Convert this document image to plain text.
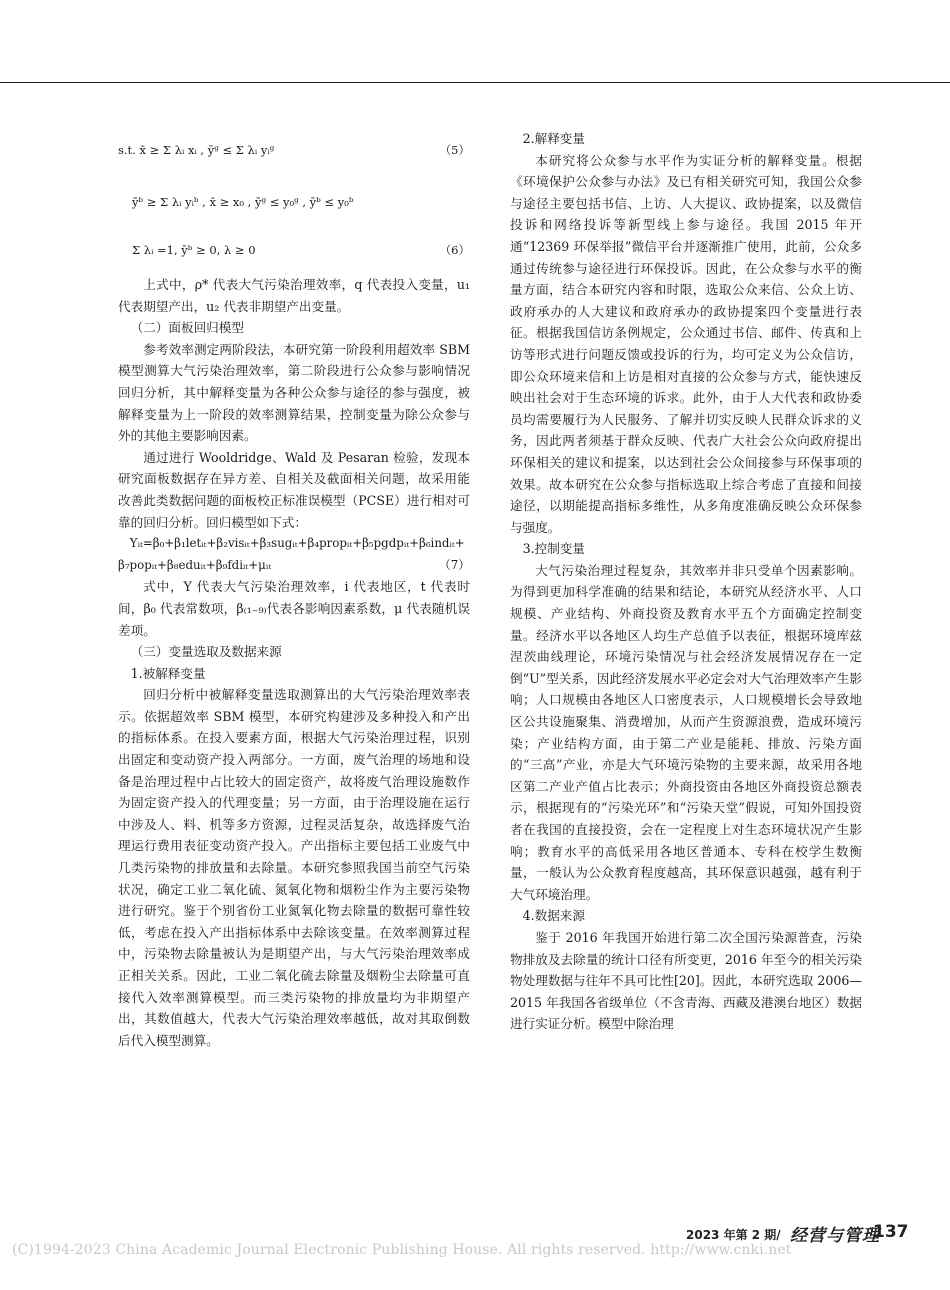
s.t. x̄ ≥ Σ λᵢ xᵢ , ȳᵍ ≤ Σ λᵢ yᵢᵍ	（5）
ȳᵇ ≥ Σ λᵢ yᵢᵇ , x̄ ≥ x₀ , ȳᵍ ≤ y₀ᵍ , ȳᵇ ≤ y₀ᵇ
Σ λᵢ =1, ȳᵇ ≥ 0, λ ≥ 0	（6）

上式中，ρ* 代表大气污染治理效率，q 代表投入变量，u₁ 代表期望产出，u₂ 代表非期望产出变量。

（二）面板回归模型

参考效率测定两阶段法，本研究第一阶段利用超效率 SBM 模型测算大气污染治理效率，第二阶段进行公众参与影响情况回归分析，其中解释变量为各种公众参与途径的参与强度，被解释变量为上一阶段的效率测算结果，控制变量为除公众参与外的其他主要影响因素。

通过进行 Wooldridge、Wald 及 Pesaran 检验，发现本研究面板数据存在异方差、自相关及截面相关问题，故采用能改善此类数据问题的面板校正标准误模型（PCSE）进行相对可靠的回归分析。回归模型如下式：

Yᵢₜ=β₀+β₁letᵢₜ+β₂visᵢₜ+β₃sugᵢₜ+β₄propᵢₜ+β₅pgdpᵢₜ+β₆indᵢₜ+
β₇popᵢₜ+β₈eduᵢₜ+β₉fdiᵢₜ+μᵢₜ	（7）

式中，Y 代表大气污染治理效率，i 代表地区，t 代表时间，β₀ 代表常数项，β₍₁₋₉₎代表各影响因素系数，μ 代表随机误差项。

（三）变量选取及数据来源

1.被解释变量

回归分析中被解释变量选取测算出的大气污染治理效率表示。依据超效率 SBM 模型，本研究构建涉及多种投入和产出的指标体系。在投入要素方面，根据大气污染治理过程，识别出固定和变动资产投入两部分。一方面，废气治理的场地和设备是治理过程中占比较大的固定资产，故将废气治理设施数作为固定资产投入的代理变量；另一方面，由于治理设施在运行中涉及人、料、机等多方资源，过程灵活复杂，故选择废气治理运行费用表征变动资产投入。产出指标主要包括工业废气中几类污染物的排放量和去除量。本研究参照我国当前空气污染状况，确定工业二氧化硫、氮氧化物和烟粉尘作为主要污染物进行研究。鉴于个别省份工业氮氧化物去除量的数据可靠性较低，考虑在投入产出指标体系中去除该变量。在效率测算过程中，污染物去除量被认为是期望产出，与大气污染治理效率成正相关关系。因此，工业二氧化硫去除量及烟粉尘去除量可直接代入效率测算模型。而三类污染物的排放量均为非期望产出，其数值越大，代表大气污染治理效率越低，故对其取倒数后代入模型测算。

2.解释变量

本研究将公众参与水平作为实证分析的解释变量。根据《环境保护公众参与办法》及已有相关研究可知，我国公众参与途径主要包括书信、上访、人大提议、政协提案，以及微信投诉和网络投诉等新型线上参与途径。我国 2015 年开通“12369 环保举报”微信平台并逐渐推广使用，此前，公众多通过传统参与途径进行环保投诉。因此，在公众参与水平的衡量方面，结合本研究内容和时限，选取公众来信、公众上访、政府承办的人大建议和政府承办的政协提案四个变量进行表征。根据我国信访条例规定，公众通过书信、邮件、传真和上访等形式进行问题反馈或投诉的行为，均可定义为公众信访，即公众环境来信和上访是相对直接的公众参与方式，能快速反映出社会对于生态环境的诉求。此外，由于人大代表和政协委员均需要履行为人民服务、了解并切实反映人民群众诉求的义务，因此两者须基于群众反映、代表广大社会公众向政府提出环保相关的建议和提案，以达到社会公众间接参与环保事项的效果。故本研究在公众参与指标选取上综合考虑了直接和间接途径，以期能提高指标多维性，从多角度准确反映公众环保参与强度。

3.控制变量

大气污染治理过程复杂，其效率并非只受单个因素影响。为得到更加科学准确的结果和结论，本研究从经济水平、人口规模、产业结构、外商投资及教育水平五个方面确定控制变量。经济水平以各地区人均生产总值予以表征，根据环境库兹涅茨曲线理论，环境污染情况与社会经济发展情况存在一定倒“U”型关系，因此经济发展水平必定会对大气治理效率产生影响；人口规模由各地区人口密度表示，人口规模增长会导致地区公共设施聚集、消费增加，从而产生资源浪费，造成环境污染；产业结构方面，由于第二产业是能耗、排放、污染方面的“三高”产业，亦是大气环境污染物的主要来源，故采用各地区第二产业产值占比表示；外商投资由各地区外商投资总额表示，根据现有的“污染光环”和“污染天堂”假说，可知外国投资者在我国的直接投资，会在一定程度上对生态环境状况产生影响；教育水平的高低采用各地区普通本、专科在校学生数衡量，一般认为公众教育程度越高，其环保意识越强，越有利于大气环境治理。

4.数据来源

鉴于 2016 年我国开始进行第二次全国污染源普查，污染物排放及去除量的统计口径有所变更，2016 年至今的相关污染物处理数据与往年不具可比性[20]。因此，本研究选取 2006—2015 年我国各省级单位（不含青海、西藏及港澳台地区）数据进行实证分析。模型中除治理

2023 年第 2 期/ 经营与管理
137
(C)1994-2023 China Academic Journal Electronic Publishing House. All rights reserved. http://www.cnki.net
